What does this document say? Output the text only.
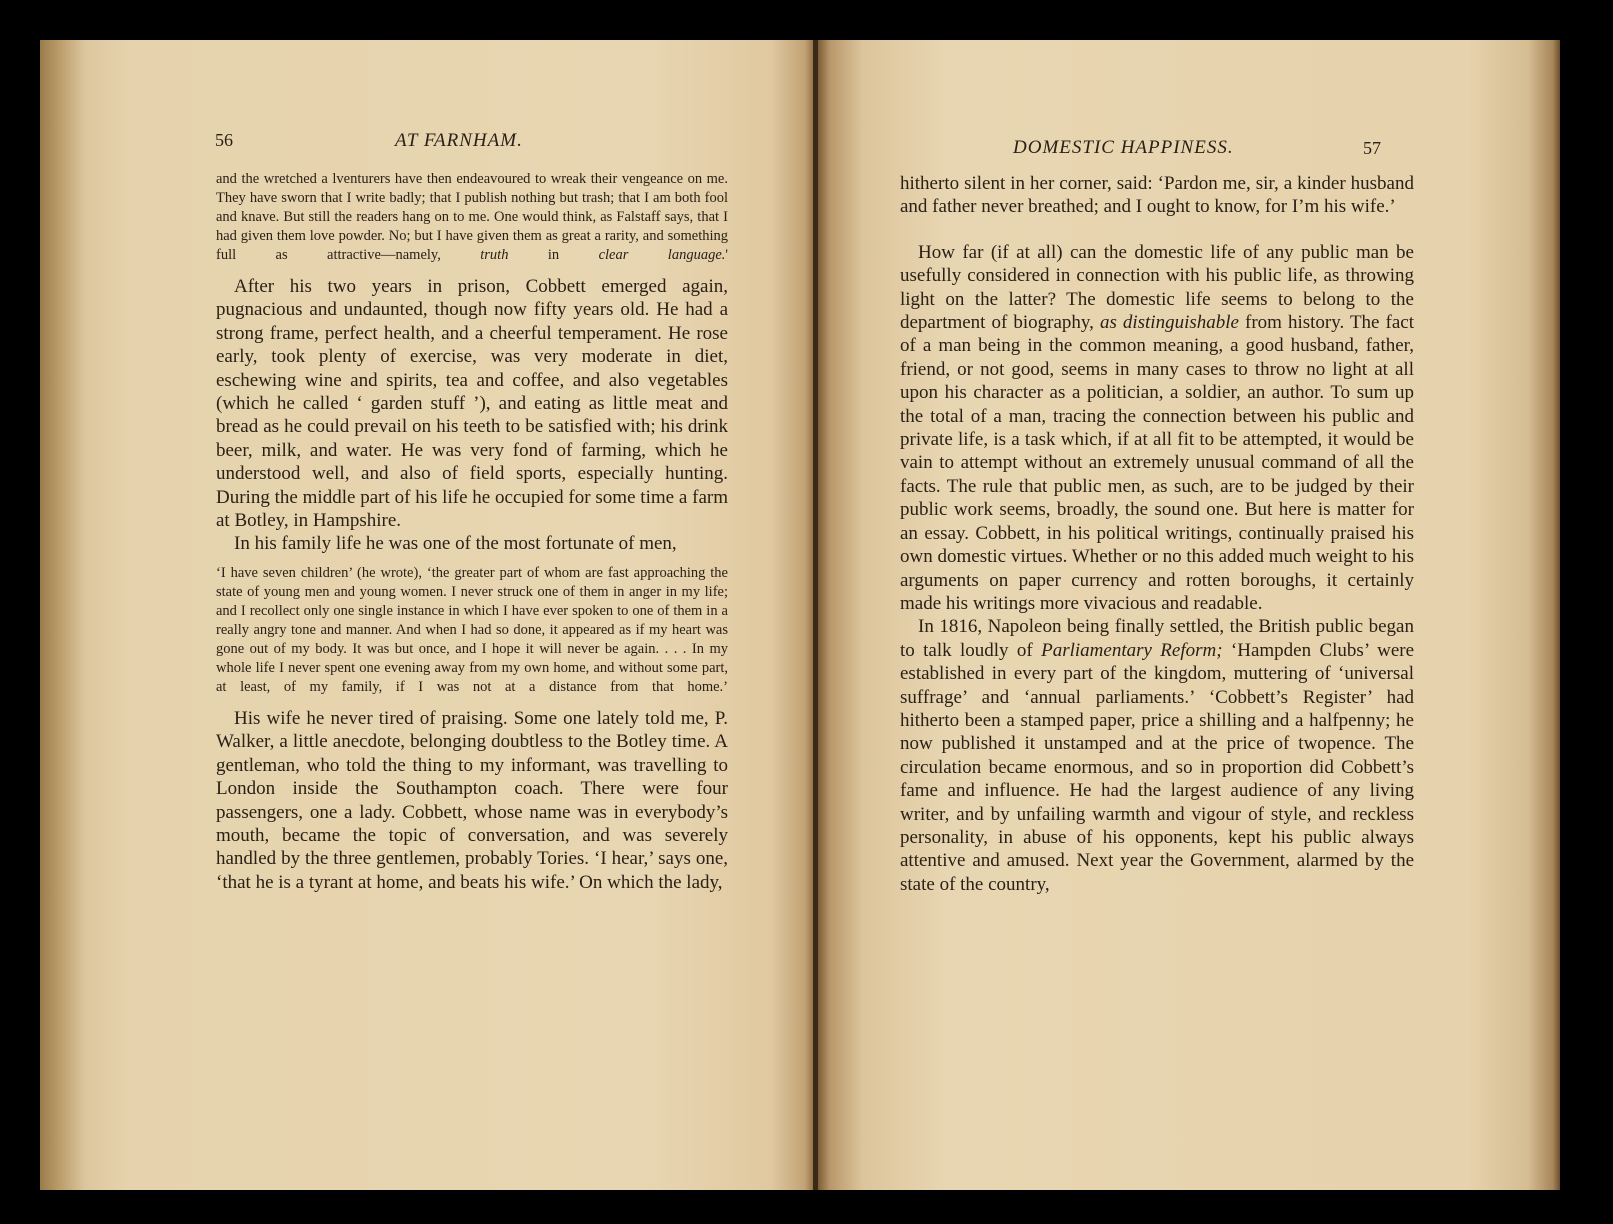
56	AT FARNHAM.

and the wretched a lventurers have then endeavoured to wreak their vengeance on me. They have sworn that I write badly; that I publish nothing but trash; that I am both fool and knave. But still the readers hang on to me. One would think, as Falstaff says, that I had given them love powder. No; but I have given them as great a rarity, and something full as attractive—namely, truth in clear language.'

After his two years in prison, Cobbett emerged again, pugnacious and undaunted, though now fifty years old. He had a strong frame, perfect health, and a cheerful temperament. He rose early, took plenty of exercise, was very moderate in diet, eschewing wine and spirits, tea and coffee, and also vegetables (which he called ‘ garden stuff ’), and eating as little meat and bread as he could prevail on his teeth to be satisfied with; his drink beer, milk, and water. He was very fond of farming, which he understood well, and also of field sports, especially hunting. During the middle part of his life he occupied for some time a farm at Botley, in Hampshire.

In his family life he was one of the most fortunate of men,

‘I have seven children’ (he wrote), ‘the greater part of whom are fast approaching the state of young men and young women. I never struck one of them in anger in my life; and I recollect only one single instance in which I have ever spoken to one of them in a really angry tone and manner. And when I had so done, it appeared as if my heart was gone out of my body. It was but once, and I hope it will never be again. . . . In my whole life I never spent one evening away from my own home, and without some part, at least, of my family, if I was not at a distance from that home.’

His wife he never tired of praising. Some one lately told me, P. Walker, a little anecdote, belonging doubtless to the Botley time. A gentleman, who told the thing to my informant, was travelling to London inside the Southampton coach. There were four passengers, one a lady. Cobbett, whose name was in everybody’s mouth, became the topic of conversation, and was severely handled by the three gentlemen, probably Tories. ‘I hear,’ says one, ‘that he is a tyrant at home, and beats his wife.’ On which the lady,

DOMESTIC HAPPINESS.	57

hitherto silent in her corner, said: ‘Pardon me, sir, a kinder husband and father never breathed; and I ought to know, for I’m his wife.’

How far (if at all) can the domestic life of any public man be usefully considered in connection with his public life, as throwing light on the latter? The domestic life seems to belong to the department of biography, as distinguishable from history. The fact of a man being in the common meaning, a good husband, father, friend, or not good, seems in many cases to throw no light at all upon his character as a politician, a soldier, an author. To sum up the total of a man, tracing the connection between his public and private life, is a task which, if at all fit to be attempted, it would be vain to attempt without an extremely unusual command of all the facts. The rule that public men, as such, are to be judged by their public work seems, broadly, the sound one. But here is matter for an essay. Cobbett, in his political writings, continually praised his own domestic virtues. Whether or no this added much weight to his arguments on paper currency and rotten boroughs, it certainly made his writings more vivacious and readable.

In 1816, Napoleon being finally settled, the British public began to talk loudly of Parliamentary Reform; ‘Hampden Clubs’ were established in every part of the kingdom, muttering of ‘universal suffrage’ and ‘annual parliaments.’ ‘Cobbett’s Register’ had hitherto been a stamped paper, price a shilling and a halfpenny; he now published it unstamped and at the price of twopence. The circulation became enormous, and so in proportion did Cobbett’s fame and influence. He had the largest audience of any living writer, and by unfailing warmth and vigour of style, and reckless personality, in abuse of his opponents, kept his public always attentive and amused. Next year the Government, alarmed by the state of the country,
